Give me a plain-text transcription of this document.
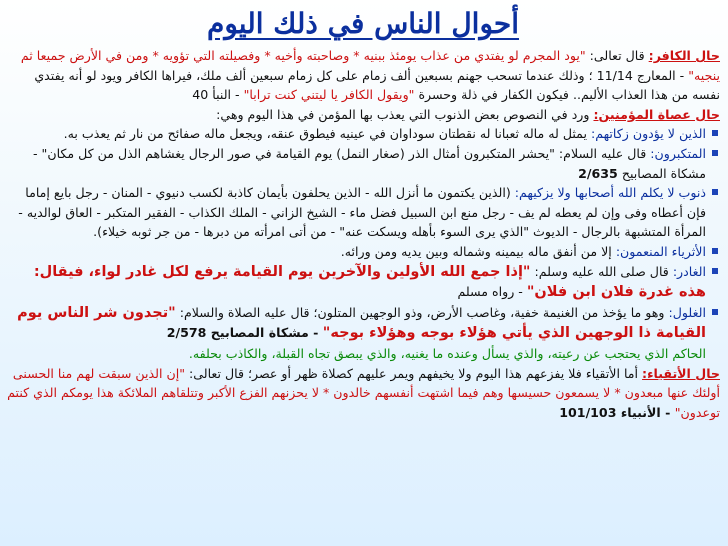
أحوال الناس في ذلك اليوم

حال الكافر: قال تعالى: "يود المجرم لو يفتدي من عذاب يومئذ ببنيه * وصاحبته وأخيه * وفصيلته التي تؤويه * ومن في الأرض جميعا ثم ينجيه" - المعارج 11/14 ؛ وذلك عندما تسحب جهنم بسبعين ألف زمام على كل زمام سبعين ألف ملك، فيراها الكافر ويود لو أنه يفتدي نفسه من هذا العذاب الأليم.. فيكون الكفار في ذلة وحسرة "ويقول الكافر يا ليتني كنت ترابا" - النبأ 40

حال عصاة المؤمنين: ورد في النصوص بعض الذنوب التي يعذب بها المؤمن في هذا اليوم وهي:

الذين لا يؤدون زكاتهم: يمثل له ماله ثعبانا له نقطتان سوداوان في عينيه فيطوق عنقه، ويجعل ماله صفائح من نار ثم يعذب به.

المتكبرون: قال عليه السلام: "يحشر المتكبرون أمثال الذر (صغار النمل) يوم القيامة في صور الرجال يغشاهم الذل من كل مكان" - مشكاة المصابيح 2/635

ذنوب لا يكلم الله أصحابها ولا يزكيهم: (الذين يكتمون ما أنزل الله - الذين يحلفون بأيمان كاذبة لكسب دنيوي - المنان - رجل بايع إماما فإن أعطاه وفى وإن لم يعطه لم يف - رجل منع ابن السبيل فضل ماء - الشيخ الزاني - الملك الكذاب - الفقير المتكبر - العاق لوالديه - المرأة المتشبهة بالرجال - الديوث "الذي يرى السوء بأهله ويسكت عنه" - من أتى امرأته من دبرها - من جر ثوبه خيلاء).

الأثرياء المنعمون: إلا من أنفق ماله بيمينه وشماله وبين يديه ومن ورائه.

الغادر: قال صلى الله عليه وسلم: "إذا جمع الله الأولين والآخرين يوم القيامة يرفع لكل غادر لواء، فيقال: هذه غدرة فلان ابن فلان" - رواه مسلم

الغلول: وهو ما يؤخذ من الغنيمة خفية، وغاصب الأرض، وذو الوجهين المتلون؛ قال عليه الصلاة والسلام: "تجدون شر الناس يوم القيامة ذا الوجهين الذي يأتي هؤلاء بوجه وهؤلاء بوجه" - مشكاة المصابيح 2/578

الحاكم الذي يحتجب عن رعيته، والذي يسأل وعنده ما يغنيه، والذي يبصق تجاه القبلة، والكاذب بحلفه.

حال الأتقياء: أما الأتقياء فلا يفزعهم هذا اليوم ولا يخيفهم ويمر عليهم كصلاة ظهر أو عصر؛ قال تعالى: "إن الذين سبقت لهم منا الحسنى أولئك عنها مبعدون * لا يسمعون حسيسها وهم فيما اشتهت أنفسهم خالدون * لا يحزنهم الفزع الأكبر وتتلقاهم الملائكة هذا يومكم الذي كنتم توعدون" - الأنبياء 101/103
